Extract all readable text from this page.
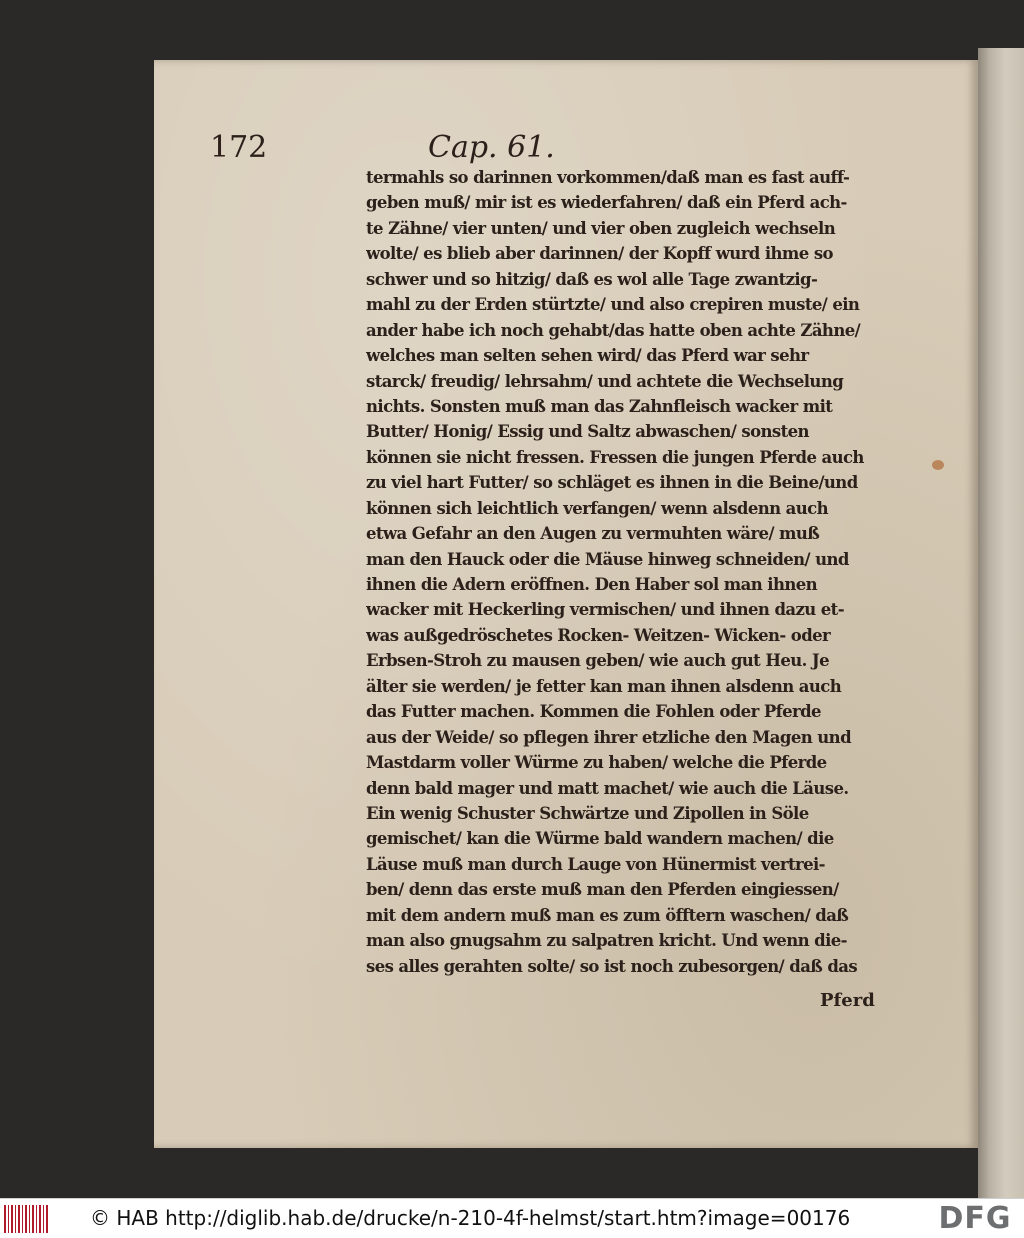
172	Cap. 61.
termahls so darinnen vorkommen/daß man es fast auff-
geben muß/ mir ist es wiederfahren/ daß ein Pferd ach-
te Zähne/ vier unten/ und vier oben zugleich wechseln
wolte/ es blieb aber darinnen/ der Kopff wurd ihme so
schwer und so hitzig/ daß es wol alle Tage zwantzig-
mahl zu der Erden stürtzte/ und also crepiren muste/ ein
ander habe ich noch gehabt/das hatte oben achte Zähne/
welches man selten sehen wird/ das Pferd war sehr
starck/ freudig/ lehrsahm/ und achtete die Wechselung
nichts. Sonsten muß man das Zahnfleisch wacker mit
Butter/ Honig/ Essig und Saltz abwaschen/ sonsten
können sie nicht fressen. Fressen die jungen Pferde auch
zu viel hart Futter/ so schläget es ihnen in die Beine/und
können sich leichtlich verfangen/ wenn alsdenn auch
etwa Gefahr an den Augen zu vermuhten wäre/ muß
man den Hauck oder die Mäuse hinweg schneiden/ und
ihnen die Adern eröffnen. Den Haber sol man ihnen
wacker mit Heckerling vermischen/ und ihnen dazu et-
was außgedröschetes Rocken- Weitzen- Wicken- oder
Erbsen-Stroh zu mausen geben/ wie auch gut Heu. Je
älter sie werden/ je fetter kan man ihnen alsdenn auch
das Futter machen. Kommen die Fohlen oder Pferde
aus der Weide/ so pflegen ihrer etzliche den Magen und
Mastdarm voller Würme zu haben/ welche die Pferde
denn bald mager und matt machet/ wie auch die Läuse.
Ein wenig Schuster Schwärtze und Zipollen in Söle
gemischet/ kan die Würme bald wandern machen/ die
Läuse muß man durch Lauge von Hünermist vertrei-
ben/ denn das erste muß man den Pferden eingiessen/
mit dem andern muß man es zum öfftern waschen/ daß
man also gnugsahm zu salpatren kricht. Und wenn die-
ses alles gerahten solte/ so ist noch zubesorgen/ daß das
Pferd
© HAB http://diglib.hab.de/drucke/n-210-4f-helmst/start.htm?image=00176	DFG
